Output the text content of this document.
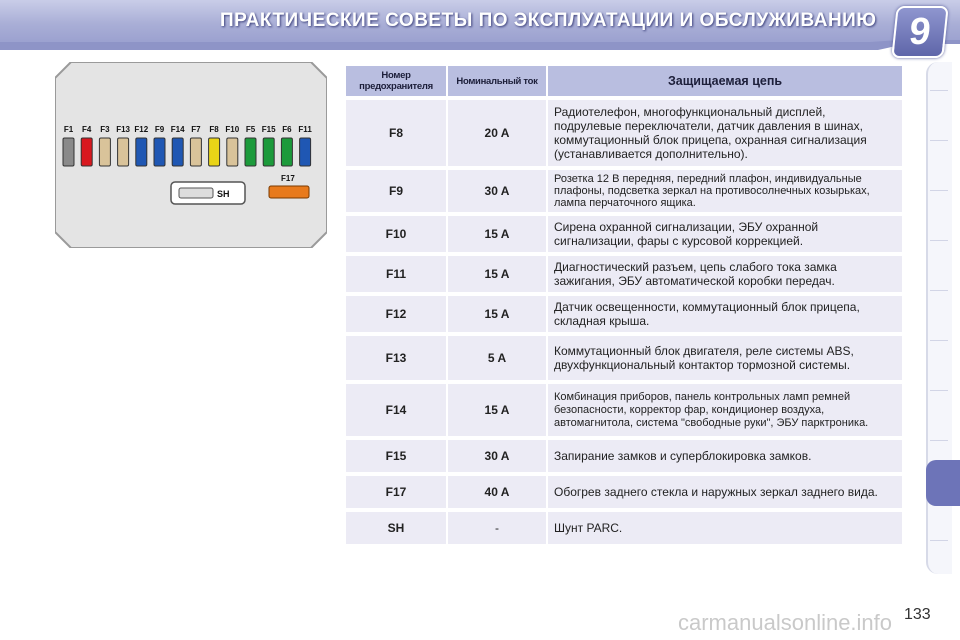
ПРАКТИЧЕСКИЕ СОВЕТЫ ПО ЭКСПЛУАТАЦИИ И ОБСЛУЖИВАНИЮ 9
F1 F4 F3 F13 F12 F9 F14 F7 F8 F10 F5 F15 F6 F11
SH
F17
Номер предохранителя	Номинальный ток	Защищаемая цепь
F8	20 A	Радиотелефон, многофункциональный дисплей, подрулевые переключатели, датчик давления в шинах, коммутационный блок прицепа, охранная сигнализация (устанавливается дополнительно).
F9	30 A	Розетка 12 В передняя, передний плафон, индивидуальные плафоны, подсветка зеркал на противосолнечных козырьках, лампа перчаточного ящика.
F10	15 A	Сирена охранной сигнализации, ЭБУ охранной сигнализации, фары с курсовой коррекцией.
F11	15 A	Диагностический разъем, цепь слабого тока замка зажигания, ЭБУ автоматической коробки передач.
F12	15 A	Датчик освещенности, коммутационный блок прицепа, складная крыша.
F13	5 A	Коммутационный блок двигателя, реле системы ABS, двухфункциональный контактор тормозной системы.
F14	15 A	Комбинация приборов, панель контрольных ламп ремней безопасности, корректор фар, кондиционер воздуха, автомагнитола, система "свободные руки", ЭБУ парктроника.
F15	30 A	Запирание замков и суперблокировка замков.
F17	40 A	Обогрев заднего стекла и наружных зеркал заднего вида.
SH	-	Шунт PARC.
carmanualsonline.info 133
